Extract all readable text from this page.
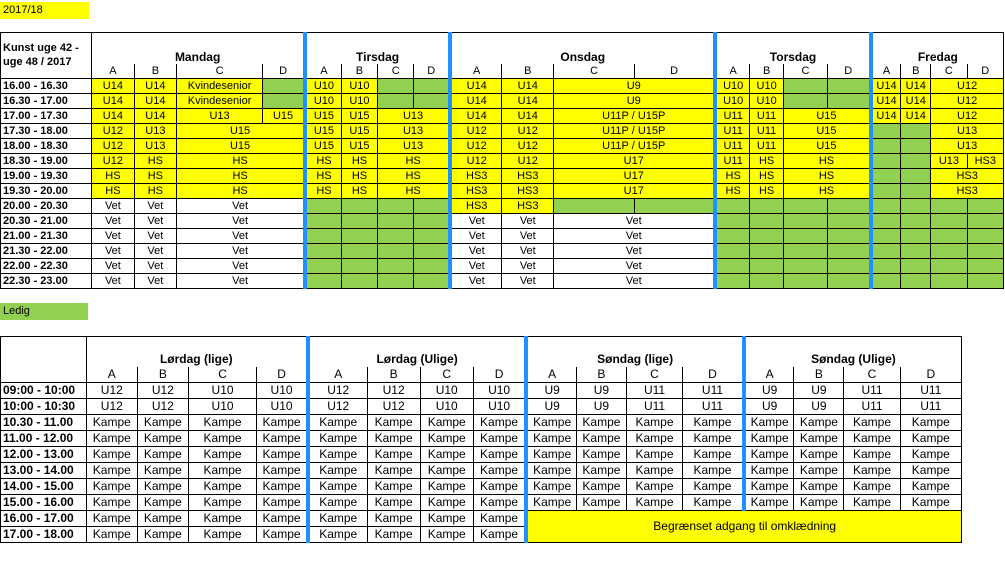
2017/18
Kunst uge 42 - uge 48 / 2017	Mandag				Tirsdag				Onsdag				Torsdag				Fredag			
	A	B	C	D	A	B	C	D	A	B	C	D	A	B	C	D	A	B	C	D
16.00 - 16.30	U14	U14	Kvindesenior		U10	U10			U14	U14	U9		U10	U10			U14	U14	U12	
16.30 - 17.00	U14	U14	Kvindesenior		U10	U10			U14	U14	U9		U10	U10			U14	U14	U12	
17.00 - 17.30	U14	U14	U13	U15	U15	U15	U13		U14	U14	U11P / U15P		U11	U11	U15		U14	U14	U12	
17.30 - 18.00	U12	U13	U15		U15	U15	U13		U12	U12	U11P / U15P		U11	U11	U15				U13	
18.00 - 18.30	U12	U13	U15		U15	U15	U13		U12	U12	U11P / U15P		U11	U11	U15				U13	
18.30 - 19.00	U12	HS	HS		HS	HS	HS		U12	U12	U17		U11	HS	HS				U13	HS3
19.00 - 19.30	HS	HS	HS		HS	HS	HS		HS3	HS3	U17		HS	HS	HS				HS3	
19.30 - 20.00	HS	HS	HS		HS	HS	HS		HS3	HS3	U17		HS	HS	HS				HS3	
20.00 - 20.30	Vet	Vet	Vet						HS3	HS3										
20.30 - 21.00	Vet	Vet	Vet						Vet	Vet	Vet									
21.00 - 21.30	Vet	Vet	Vet						Vet	Vet	Vet									
21.30 - 22.00	Vet	Vet	Vet						Vet	Vet	Vet									
22.00 - 22.30	Vet	Vet	Vet						Vet	Vet	Vet									
22.30 - 23.00	Vet	Vet	Vet						Vet	Vet	Vet									
Ledig
	Lørdag (lige)				Lørdag (Ulige)				Søndag (lige)				Søndag (Ulige)			
	A	B	C	D	A	B	C	D	A	B	C	D	A	B	C	D
09:00 - 10:00	U12	U12	U10	U10	U12	U12	U10	U10	U9	U9	U11	U11	U9	U9	U11	U11
10:00 - 10:30	U12	U12	U10	U10	U12	U12	U10	U10	U9	U9	U11	U11	U9	U9	U11	U11
10.30 - 11.00	Kampe	Kampe	Kampe	Kampe	Kampe	Kampe	Kampe	Kampe	Kampe	Kampe	Kampe	Kampe	Kampe	Kampe	Kampe	Kampe
11.00 - 12.00	Kampe	Kampe	Kampe	Kampe	Kampe	Kampe	Kampe	Kampe	Kampe	Kampe	Kampe	Kampe	Kampe	Kampe	Kampe	Kampe
12.00 - 13.00	Kampe	Kampe	Kampe	Kampe	Kampe	Kampe	Kampe	Kampe	Kampe	Kampe	Kampe	Kampe	Kampe	Kampe	Kampe	Kampe
13.00 - 14.00	Kampe	Kampe	Kampe	Kampe	Kampe	Kampe	Kampe	Kampe	Kampe	Kampe	Kampe	Kampe	Kampe	Kampe	Kampe	Kampe
14.00 - 15.00	Kampe	Kampe	Kampe	Kampe	Kampe	Kampe	Kampe	Kampe	Kampe	Kampe	Kampe	Kampe	Kampe	Kampe	Kampe	Kampe
15.00 - 16.00	Kampe	Kampe	Kampe	Kampe	Kampe	Kampe	Kampe	Kampe	Kampe	Kampe	Kampe	Kampe	Kampe	Kampe	Kampe	Kampe
16.00 - 17.00	Kampe	Kampe	Kampe	Kampe	Kampe	Kampe	Kampe	Kampe	Begrænset adgang til omklædning							
17.00 - 18.00	Kampe	Kampe	Kampe	Kampe	Kampe	Kampe	Kampe	Kampe								
